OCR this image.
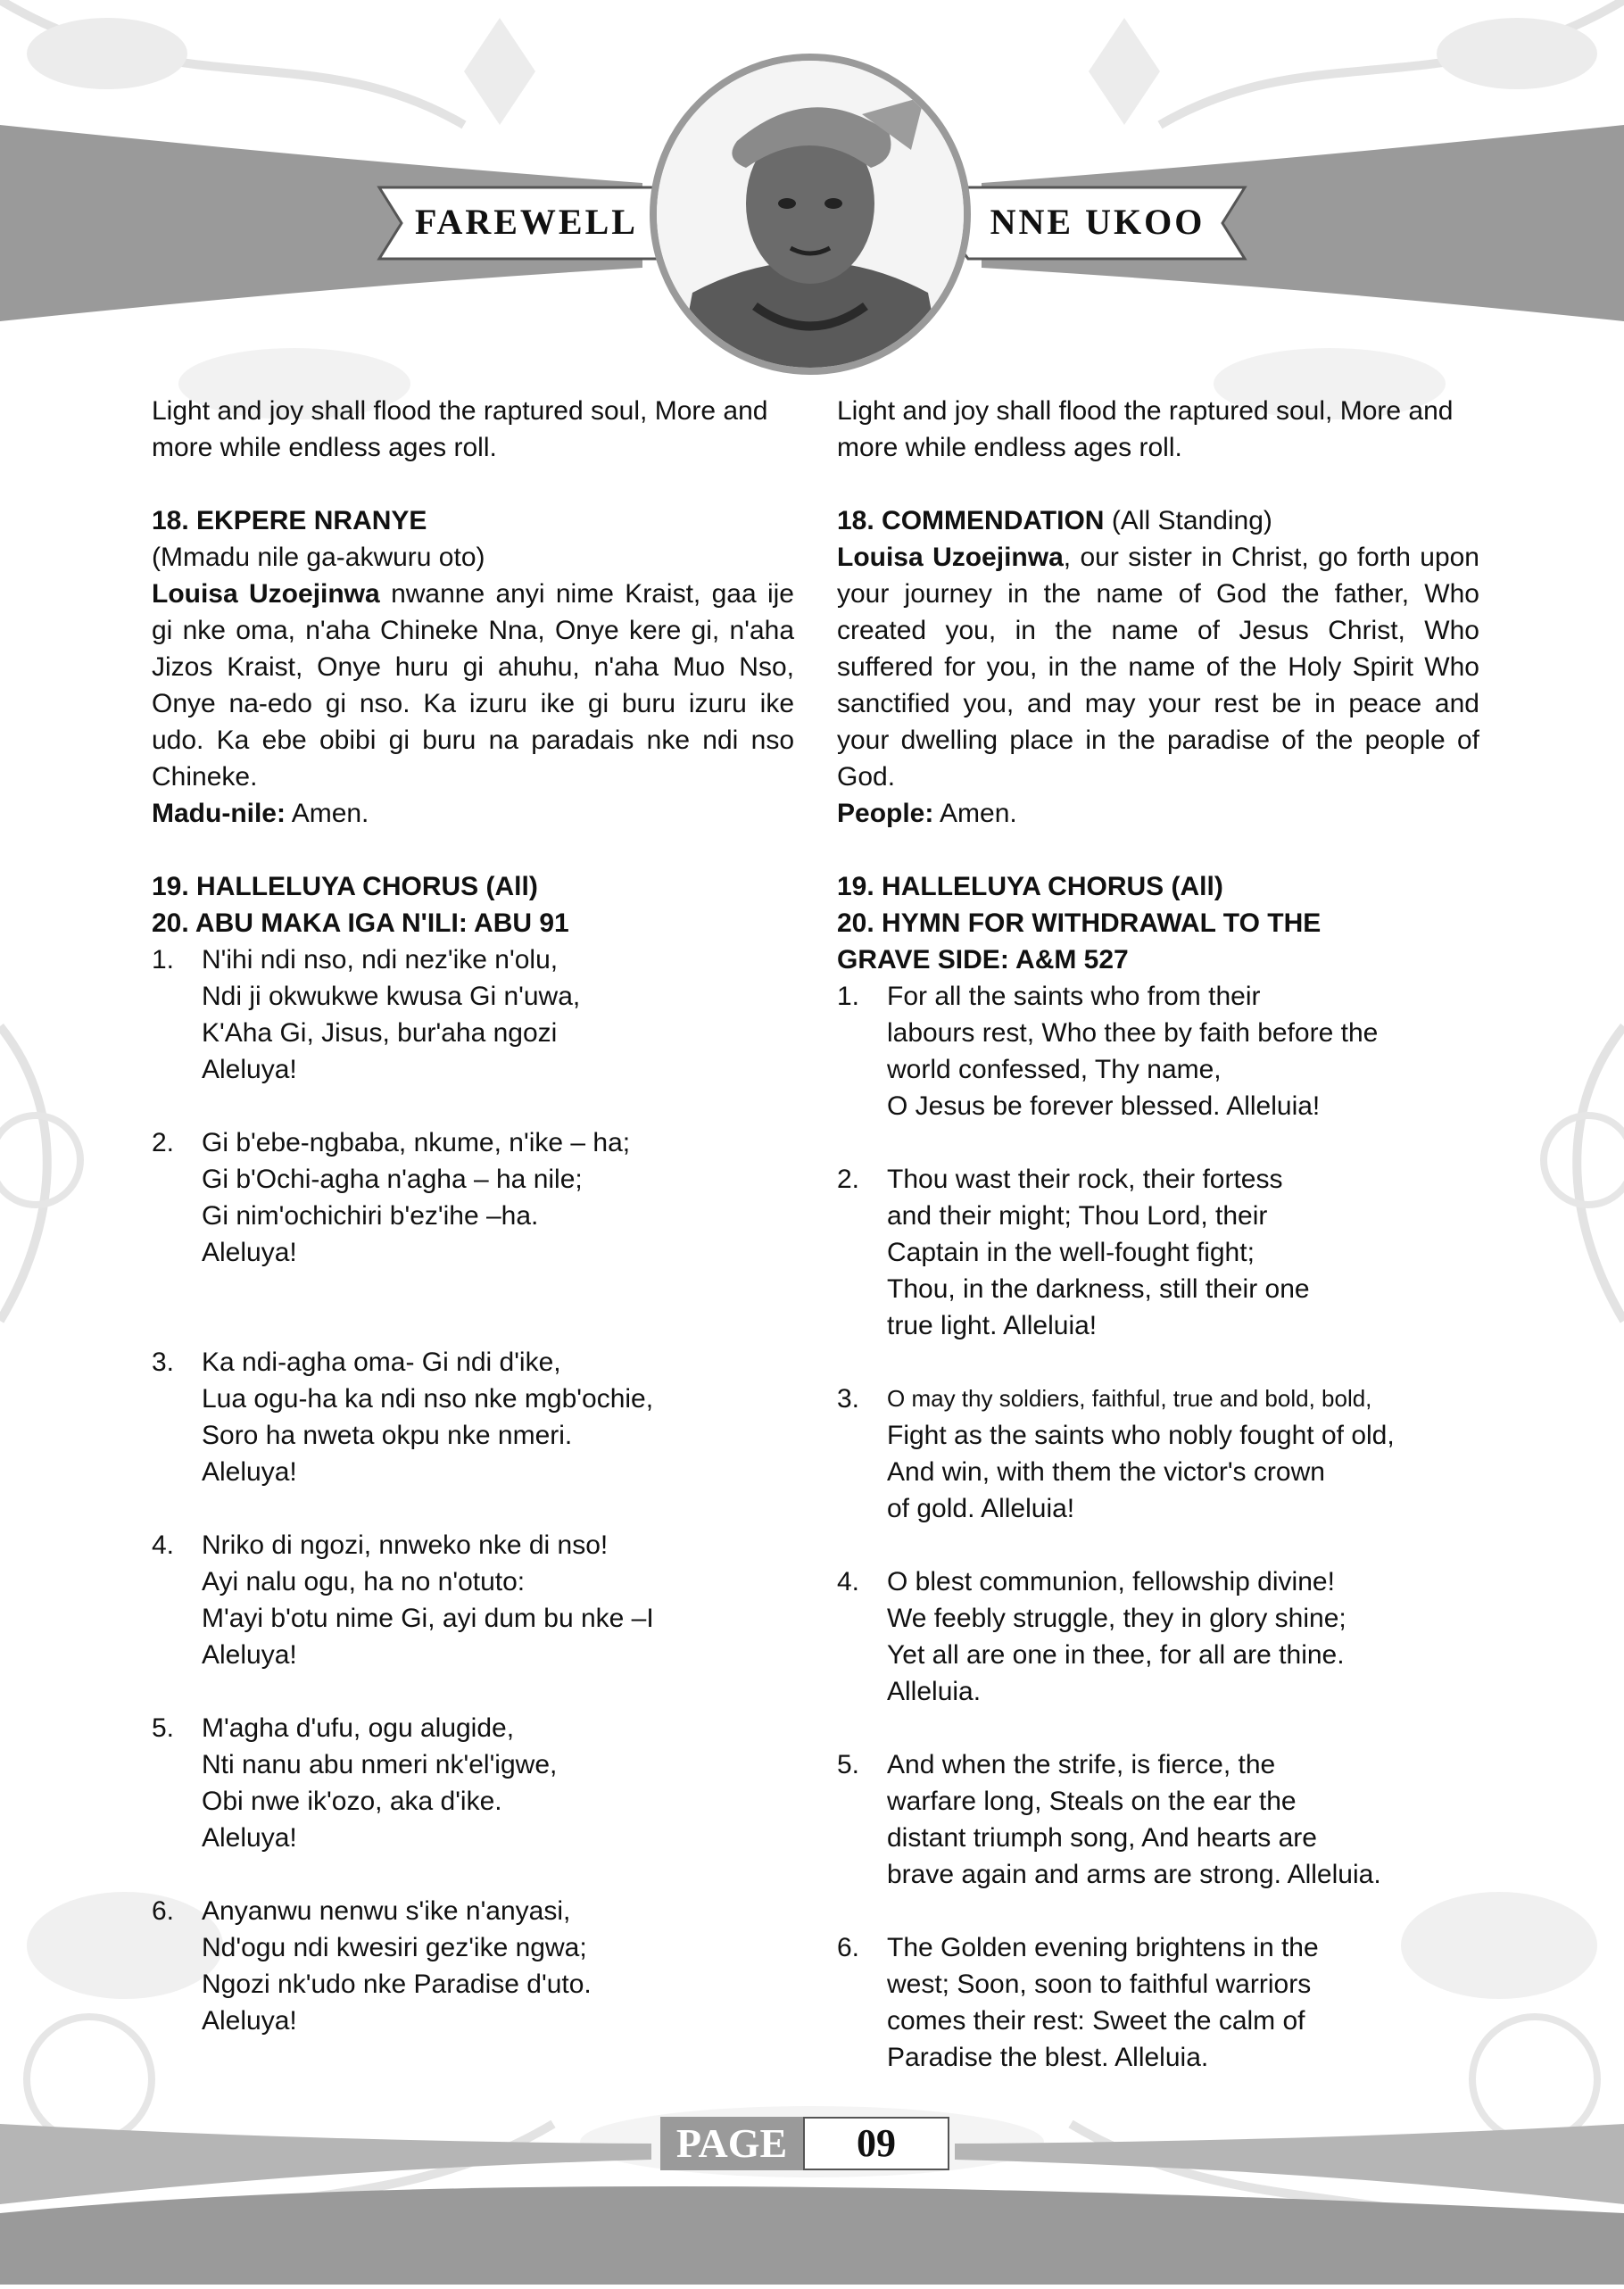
FAREWELL	NNE UKOO

Light and joy shall flood the raptured soul, More and more while endless ages roll.

18. EKPERE NRANYE

(Mmadu nile ga-akwuru oto)

Louisa Uzoejinwa nwanne anyi nime Kraist, gaa ije gi nke oma, n'aha Chineke Nna, Onye kere gi, n'aha Jizos Kraist, Onye huru gi ahuhu, n'aha Muo Nso, Onye na-edo gi nso. Ka izuru ike gi buru izuru ike udo. Ka ebe obibi gi buru na paradais nke ndi nso Chineke.

Madu-nile: Amen.

19. HALLELUYA CHORUS (All)

20. ABU MAKA IGA N'ILI: ABU 91

1.	N'ihi ndi nso, ndi nez'ike n'olu,
Ndi ji okwukwe kwusa Gi n'uwa,
K'Aha Gi, Jisus, bur'aha ngozi
Aleluya!
2.	Gi b'ebe-ngbaba, nkume, n'ike – ha;
Gi b'Ochi-agha n'agha – ha nile;
Gi nim'ochichiri b'ez'ihe –ha.
Aleluya!
3.	Ka ndi-agha oma- Gi ndi d'ike,
Lua ogu-ha ka ndi nso nke mgb'ochie,
Soro ha nweta okpu nke nmeri.
Aleluya!
4.	Nriko di ngozi, nnweko nke di nso!
Ayi nalu ogu, ha no n'otuto:
M'ayi b'otu nime Gi, ayi dum bu nke –I
Aleluya!
5.	M'agha d'ufu, ogu alugide,
Nti nanu abu nmeri nk'el'igwe,
Obi nwe ik'ozo, aka d'ike.
Aleluya!
6.	Anyanwu nenwu s'ike n'anyasi,
Nd'ogu ndi kwesiri gez'ike ngwa;
Ngozi nk'udo nke Paradise d'uto.
Aleluya!

Light and joy shall flood the raptured soul, More and more while endless ages roll.

18. COMMENDATION (All Standing)

Louisa Uzoejinwa, our sister in Christ, go forth upon your journey in the name of God the father, Who created you, in the name of Jesus Christ, Who suffered for you, in the name of the Holy Spirit Who sanctified you, and may your rest be in peace and your dwelling place in the paradise of the people of God.

People: Amen.

19. HALLELUYA CHORUS (All)

20. HYMN FOR WITHDRAWAL TO THE

GRAVE SIDE: A&M 527

1.	For all the saints who from their
labours rest, Who thee by faith before the
world confessed, Thy name,
O Jesus be forever blessed. Alleluia!
2.	Thou wast their rock, their fortess
and their might; Thou Lord, their
Captain in the well-fought fight;
Thou, in the darkness, still their one
true light. Alleluia!
3.	O may thy soldiers, faithful, true and bold, bold,
Fight as the saints who nobly fought of old,
And win, with them the victor's crown
of gold. Alleluia!
4.	O blest communion, fellowship divine!
We feebly struggle, they in glory shine;
Yet all are one in thee, for all are thine.
Alleluia.
5.	And when the strife, is fierce, the
warfare long, Steals on the ear the
distant triumph song, And hearts are
brave again and arms are strong. Alleluia.
6.	The Golden evening brightens in the
west; Soon, soon to faithful warriors
comes their rest: Sweet the calm of
Paradise the blest. Alleluia.
PAGE	09
